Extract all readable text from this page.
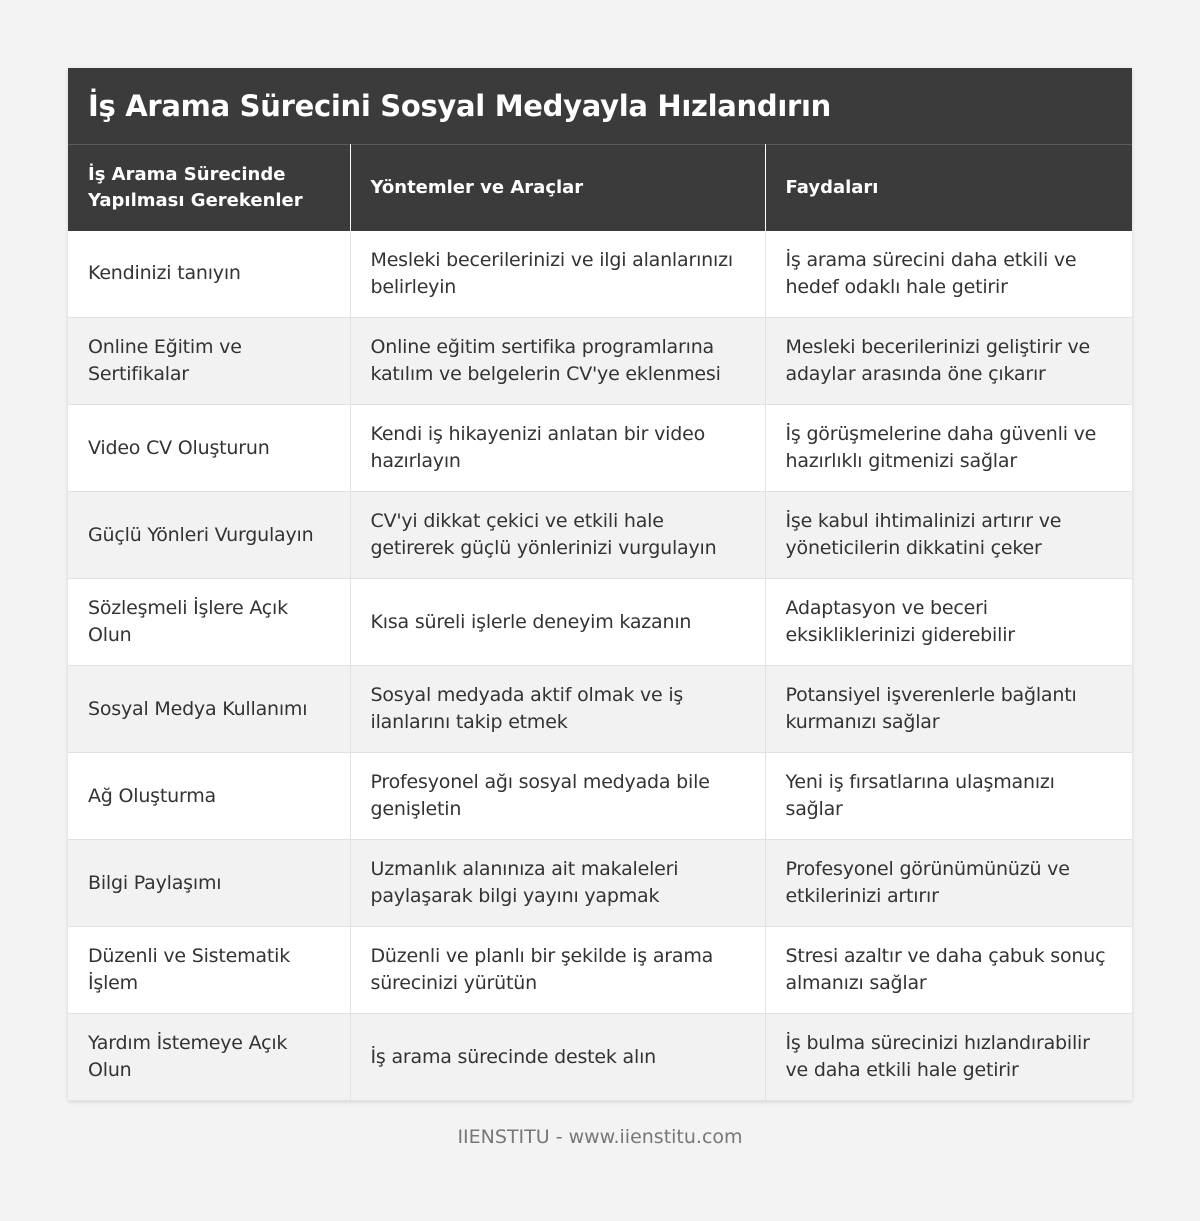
İş Arama Sürecini Sosyal Medyayla Hızlandırın
İş Arama Sürecinde Yapılması Gerekenler	Yöntemler ve Araçlar	Faydaları
Kendinizi tanıyın	Mesleki becerilerinizi ve ilgi alanlarınızı belirleyin	İş arama sürecini daha etkili ve hedef odaklı hale getirir
Online Eğitim ve Sertifikalar	Online eğitim sertifika programlarına katılım ve belgelerin CV'ye eklenmesi	Mesleki becerilerinizi geliştirir ve adaylar arasında öne çıkarır
Video CV Oluşturun	Kendi iş hikayenizi anlatan bir video hazırlayın	İş görüşmelerine daha güvenli ve hazırlıklı gitmenizi sağlar
Güçlü Yönleri Vurgulayın	CV'yi dikkat çekici ve etkili hale getirerek güçlü yönlerinizi vurgulayın	İşe kabul ihtimalinizi artırır ve yöneticilerin dikkatini çeker
Sözleşmeli İşlere Açık Olun	Kısa süreli işlerle deneyim kazanın	Adaptasyon ve beceri eksikliklerinizi giderebilir
Sosyal Medya Kullanımı	Sosyal medyada aktif olmak ve iş ilanlarını takip etmek	Potansiyel işverenlerle bağlantı kurmanızı sağlar
Ağ Oluşturma	Profesyonel ağı sosyal medyada bile genişletin	Yeni iş fırsatlarına ulaşmanızı sağlar
Bilgi Paylaşımı	Uzmanlık alanınıza ait makaleleri paylaşarak bilgi yayını yapmak	Profesyonel görünümünüzü ve etkilerinizi artırır
Düzenli ve Sistematik İşlem	Düzenli ve planlı bir şekilde iş arama sürecinizi yürütün	Stresi azaltır ve daha çabuk sonuç almanızı sağlar
Yardım İstemeye Açık Olun	İş arama sürecinde destek alın	İş bulma sürecinizi hızlandırabilir ve daha etkili hale getirir
IIENSTITU - www.iienstitu.com
